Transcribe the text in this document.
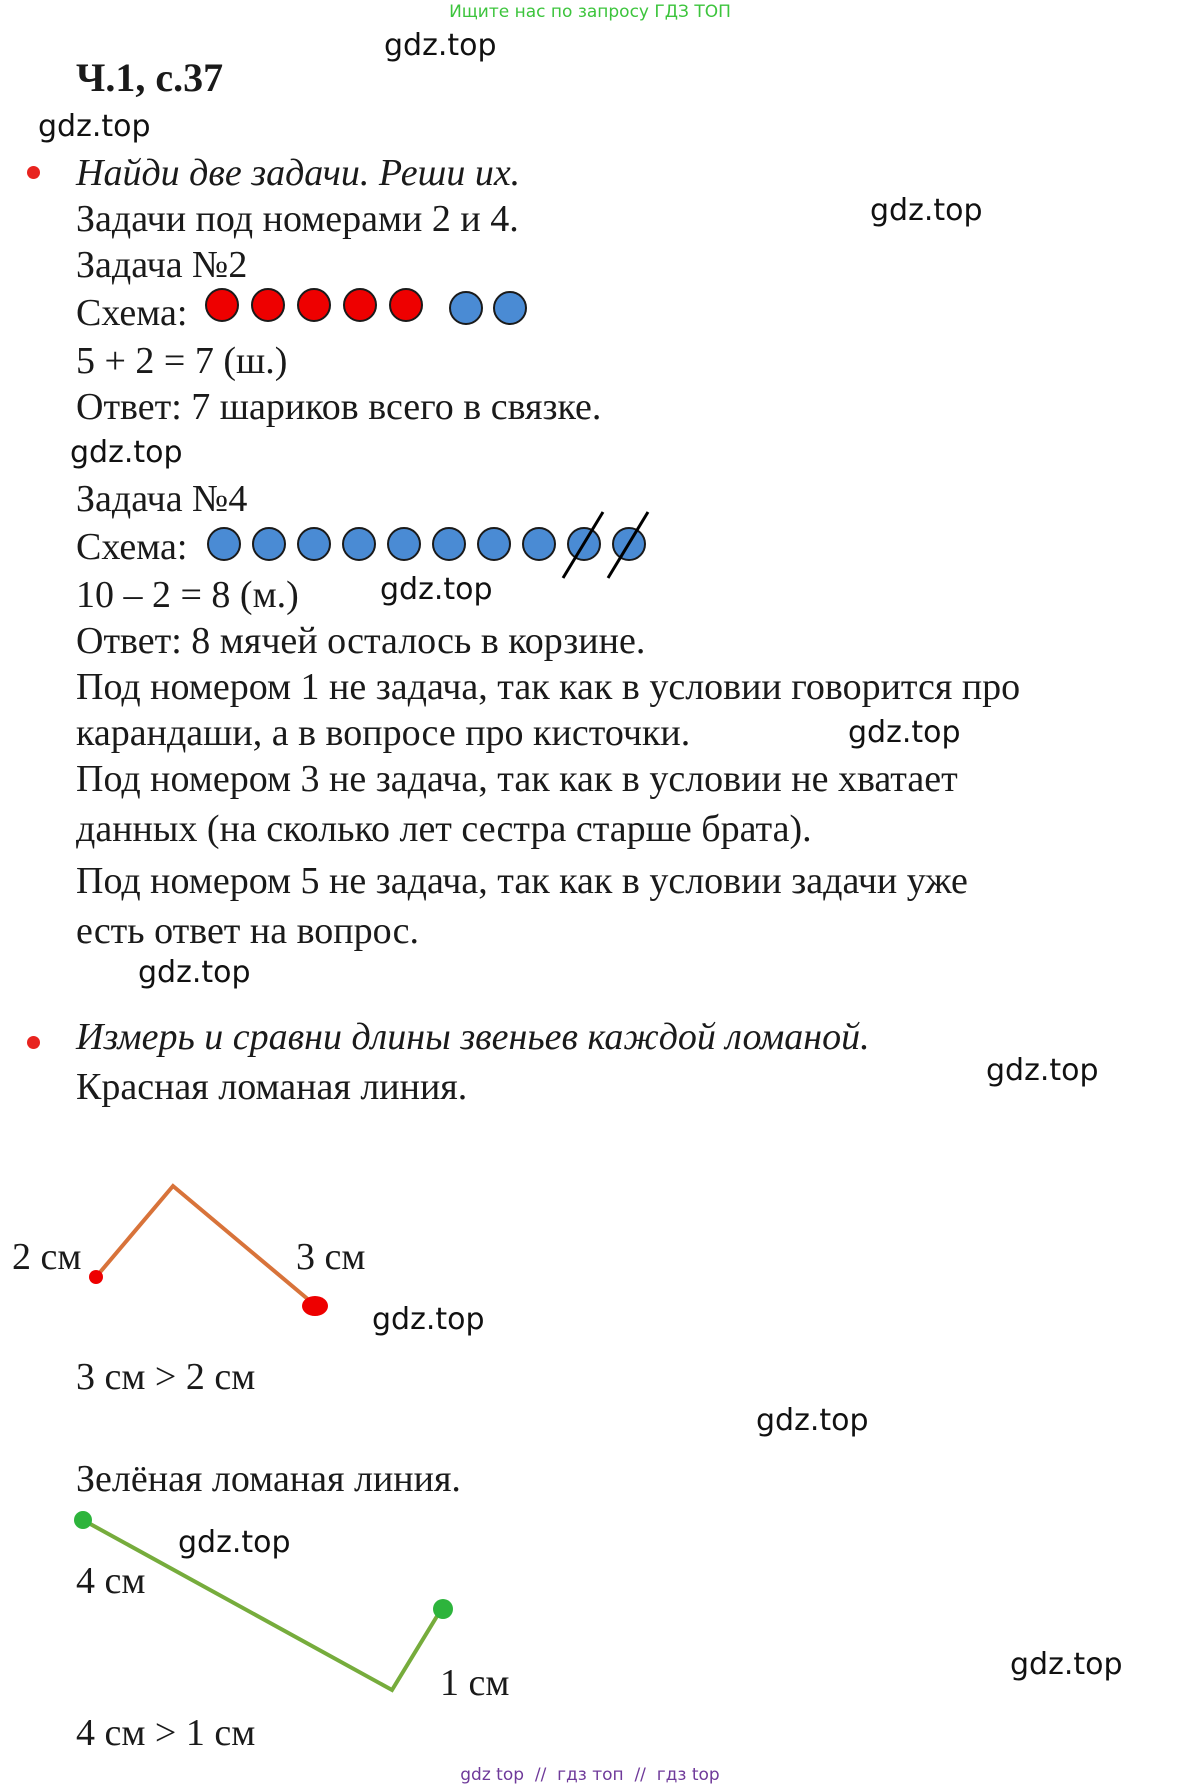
Ищите нас по запросу ГДЗ ТОП
Ч.1, с.37
gdz.top
gdz.top
gdz.top
gdz.top
gdz.top
gdz.top
gdz.top
gdz.top
gdz.top
gdz.top
gdz.top
gdz.top
Найди две задачи. Реши их.
Задачи под номерами 2 и 4.
Задача №2
Схема:
5 + 2 = 7 (ш.)
Ответ: 7 шариков всего в связке.
Задача №4
Схема:
10 – 2 = 8 (м.)
Ответ: 8 мячей осталось в корзине.
Под номером 1 не задача, так как в условии говорится про
карандаши, а в вопросе про кисточки.
Под номером 3 не задача, так как в условии не хватает
данных (на сколько лет сестра старше брата).
Под номером 5 не задача, так как в условии задачи уже
есть ответ на вопрос.
Измерь и сравни длины звеньев каждой ломаной.
Красная ломаная линия.
2 см	3 см
3 см > 2 см
Зелёная ломаная линия.
4 см
1 см
4 см > 1 см
gdz top  //  гдз топ  //  гдз top
